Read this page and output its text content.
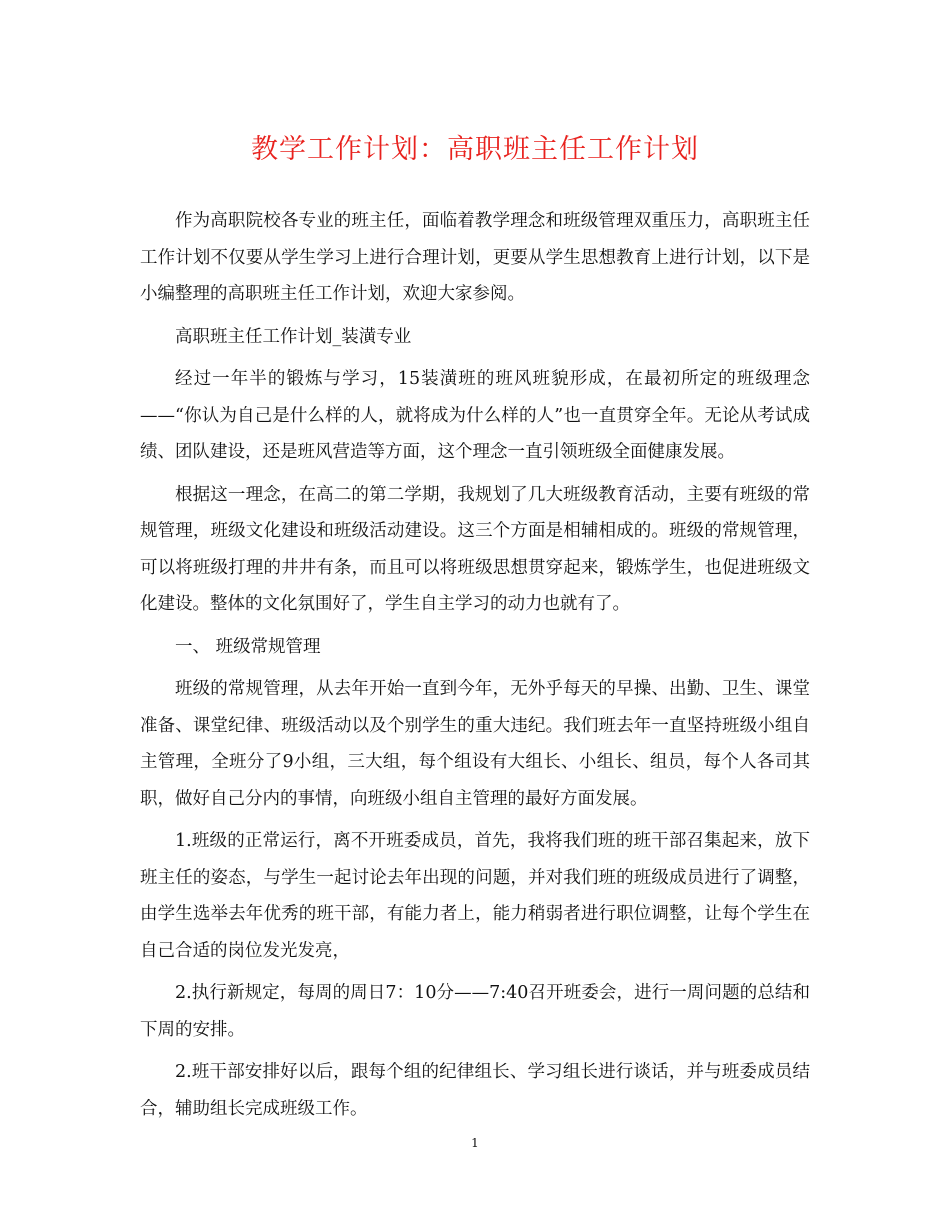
教学工作计划：高职班主任工作计划

作为高职院校各专业的班主任，面临着教学理念和班级管理双重压力，高职班主任工作计划不仅要从学生学习上进行合理计划，更要从学生思想教育上进行计划，以下是小编整理的高职班主任工作计划，欢迎大家参阅。

高职班主任工作计划_装潢专业

经过一年半的锻炼与学习，15装潢班的班风班貌形成，在最初所定的班级理念——“你认为自己是什么样的人，就将成为什么样的人”也一直贯穿全年。无论从考试成绩、团队建设，还是班风营造等方面，这个理念一直引领班级全面健康发展。

根据这一理念，在高二的第二学期，我规划了几大班级教育活动，主要有班级的常规管理，班级文化建设和班级活动建设。这三个方面是相辅相成的。班级的常规管理，可以将班级打理的井井有条，而且可以将班级思想贯穿起来，锻炼学生，也促进班级文化建设。整体的文化氛围好了，学生自主学习的动力也就有了。

一、 班级常规管理

班级的常规管理，从去年开始一直到今年，无外乎每天的早操、出勤、卫生、课堂准备、课堂纪律、班级活动以及个别学生的重大违纪。我们班去年一直坚持班级小组自主管理，全班分了9小组，三大组，每个组设有大组长、小组长、组员，每个人各司其职，做好自己分内的事情，向班级小组自主管理的最好方面发展。

1.班级的正常运行，离不开班委成员，首先，我将我们班的班干部召集起来，放下班主任的姿态，与学生一起讨论去年出现的问题，并对我们班的班级成员进行了调整，由学生选举去年优秀的班干部，有能力者上，能力稍弱者进行职位调整，让每个学生在自己合适的岗位发光发亮，

2.执行新规定，每周的周日7：10分——7:40召开班委会，进行一周问题的总结和下周的安排。

2.班干部安排好以后，跟每个组的纪律组长、学习组长进行谈话，并与班委成员结合，辅助组长完成班级工作。

1
